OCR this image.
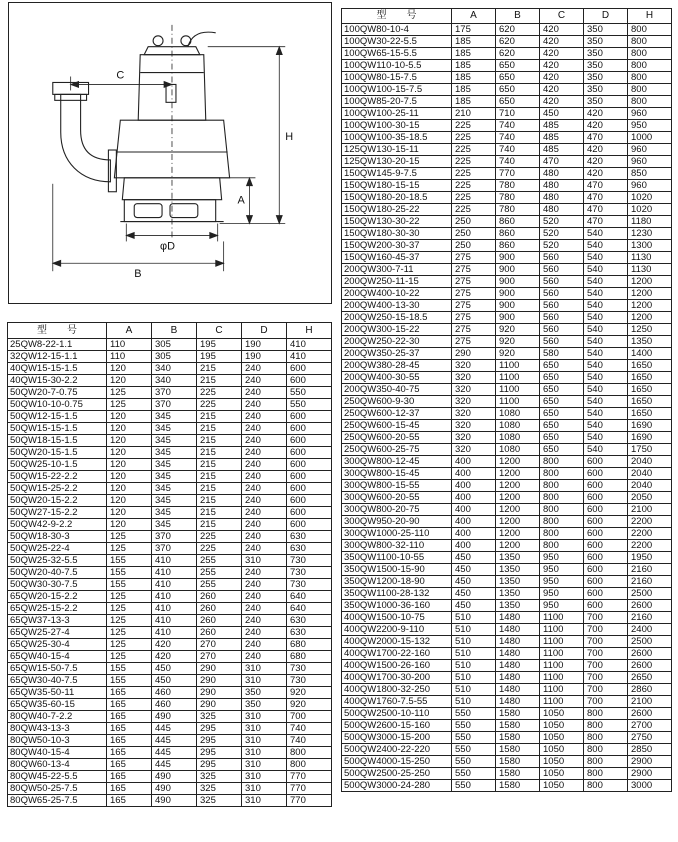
C
H
A
φD
B
型　　号	A	B	C	D	H
100QW80-10-4	175	620	420	350	800
100QW30-22-5.5	185	620	420	350	800
100QW65-15-5.5	185	620	420	350	800
100QW110-10-5.5	185	650	420	350	800
100QW80-15-7.5	185	650	420	350	800
100QW100-15-7.5	185	650	420	350	800
100QW85-20-7.5	185	650	420	350	800
100QW100-25-11	210	710	450	420	960
100QW100-30-15	225	740	485	420	950
100QW100-35-18.5	225	740	485	470	1000
125QW130-15-11	225	740	485	420	960
125QW130-20-15	225	740	470	420	960
150QW145-9-7.5	225	770	480	420	850
150QW180-15-15	225	780	480	470	960
150QW180-20-18.5	225	780	480	470	1020
150QW180-25-22	225	780	480	470	1020
150QW130-30-22	250	860	520	470	1180
150QW180-30-30	250	860	520	540	1230
150QW200-30-37	250	860	520	540	1300
150QW160-45-37	275	900	560	540	1130
200QW300-7-11	275	900	560	540	1130
200QW250-11-15	275	900	560	540	1200
200QW400-10-22	275	900	560	540	1200
200QW400-13-30	275	900	560	540	1200
200QW250-15-18.5	275	900	560	540	1200
200QW300-15-22	275	920	560	540	1250
200QW250-22-30	275	920	560	540	1350
200QW350-25-37	290	920	580	540	1400
200QW380-28-45	320	1100	650	540	1650
200QW400-30-55	320	1100	650	540	1650
200QW350-40-75	320	1100	650	540	1650
250QW600-9-30	320	1100	650	540	1650
250QW600-12-37	320	1080	650	540	1650
250QW600-15-45	320	1080	650	540	1690
250QW600-20-55	320	1080	650	540	1690
250QW600-25-75	320	1080	650	540	1750
300QW800-12-45	400	1200	800	600	2040
300QW800-15-45	400	1200	800	600	2040
300QW800-15-55	400	1200	800	600	2040
300QW600-20-55	400	1200	800	600	2050
300QW800-20-75	400	1200	800	600	2100
300QW950-20-90	400	1200	800	600	2200
300QW1000-25-110	400	1200	800	600	2200
300QW800-32-110	400	1200	800	600	2200
350QW1100-10-55	450	1350	950	600	1950
350QW1500-15-90	450	1350	950	600	2160
350QW1200-18-90	450	1350	950	600	2160
350QW1100-28-132	450	1350	950	600	2500
350QW1000-36-160	450	1350	950	600	2600
400QW1500-10-75	510	1480	1100	700	2160
400QW2200-9-110	510	1480	1100	700	2400
400QW2000-15-132	510	1480	1100	700	2500
400QW1700-22-160	510	1480	1100	700	2600
400QW1500-26-160	510	1480	1100	700	2600
400QW1700-30-200	510	1480	1100	700	2650
400QW1800-32-250	510	1480	1100	700	2860
400QW1760-7.5-55	510	1480	1100	700	2100
500QW2500-10-110	550	1580	1050	800	2600
500QW2600-15-160	550	1580	1050	800	2700
500QW3000-15-200	550	1580	1050	800	2750
500QW2400-22-220	550	1580	1050	800	2850
500QW4000-15-250	550	1580	1050	800	2900
500QW2500-25-250	550	1580	1050	800	2900
500QW3000-24-280	550	1580	1050	800	3000
型　　号	A	B	C	D	H
25QW8-22-1.1	110	305	195	190	410
32QW12-15-1.1	110	305	195	190	410
40QW15-15-1.5	120	340	215	240	600
40QW15-30-2.2	120	340	215	240	600
50QW20-7-0.75	125	370	225	240	550
50QW10-10-0.75	125	370	225	240	550
50QW12-15-1.5	120	345	215	240	600
50QW15-15-1.5	120	345	215	240	600
50QW18-15-1.5	120	345	215	240	600
50QW20-15-1.5	120	345	215	240	600
50QW25-10-1.5	120	345	215	240	600
50QW15-22-2.2	120	345	215	240	600
50QW15-25-2.2	120	345	215	240	600
50QW20-15-2.2	120	345	215	240	600
50QW27-15-2.2	120	345	215	240	600
50QW42-9-2.2	120	345	215	240	600
50QW18-30-3	125	370	225	240	630
50QW25-22-4	125	370	225	240	630
50QW25-32-5.5	155	410	255	310	730
50QW20-40-7.5	155	410	255	240	730
50QW30-30-7.5	155	410	255	240	730
65QW20-15-2.2	125	410	260	240	640
65QW25-15-2.2	125	410	260	240	640
65QW37-13-3	125	410	260	240	630
65QW25-27-4	125	410	260	240	630
65QW25-30-4	125	420	270	240	680
65QW40-15-4	125	420	270	240	680
65QW15-50-7.5	155	450	290	310	730
65QW30-40-7.5	155	450	290	310	730
65QW35-50-11	165	460	290	350	920
65QW35-60-15	165	460	290	350	920
80QW40-7-2.2	165	490	325	310	700
80QW43-13-3	165	445	295	310	740
80QW50-10-3	165	445	295	310	740
80QW40-15-4	165	445	295	310	800
80QW60-13-4	165	445	295	310	800
80QW45-22-5.5	165	490	325	310	770
80QW50-25-7.5	165	490	325	310	770
80QW65-25-7.5	165	490	325	310	770
